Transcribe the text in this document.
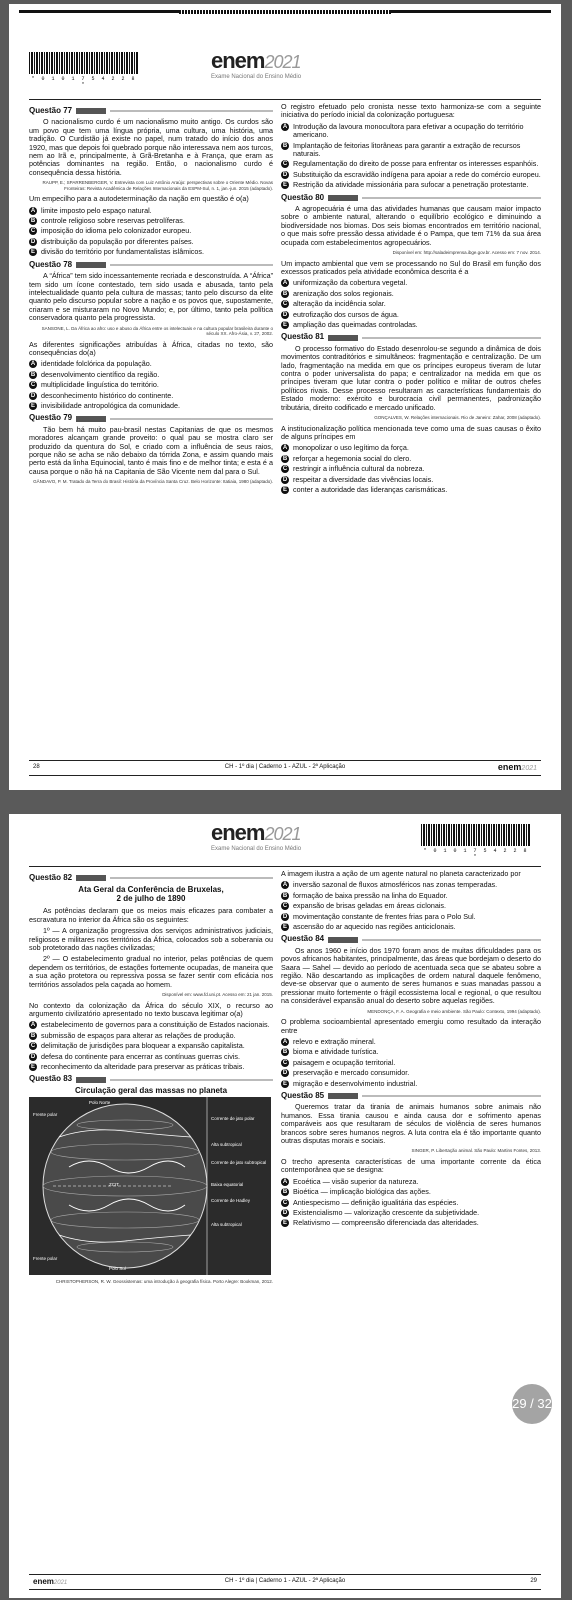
* 0 1 0 1 7 5 4 2 2 8 *
enem2021
Exame Nacional do Ensino Médio
Questão 77

O nacionalismo curdo é um nacionalismo muito antigo. Os curdos são um povo que tem uma língua própria, uma cultura, uma história, uma tradição. O Curdistão já existe no papel, num tratado do início dos anos 1920, mas que depois foi quebrado porque não interessava nem aos turcos, nem ao Irã e, principalmente, à Grã-Bretanha e à França, que eram as potências dominantes na região. Então, o nacionalismo curdo é consequência dessa história.

RAUPP, E.; SPARRENBERGER, V. Entrevista com Luiz Antônio Araújo: perspectivas sobre o Oriente Médio. Novas Fronteiras: Revista Acadêmica de Relações Internacionais da ESPM-Sul, n. 1, jan.-jun. 2015 (adaptado).

Um empecilho para a autodeterminação da nação em questão é o(a)

A limite imposto pelo espaço natural.
B controle religioso sobre reservas petrolíferas.
C imposição do idioma pelo colonizador europeu.
D distribuição da população por diferentes países.
E divisão do território por fundamentalistas islâmicos.
Questão 78

A “África” tem sido incessantemente recriada e desconstruída. A “África” tem sido um ícone contestado, tem sido usada e abusada, tanto pela intelectualidade quanto pela cultura de massas; tanto pelo discurso da elite quanto pelo discurso popular sobre a nação e os povos que, supostamente, criaram e se misturaram no Novo Mundo; e, por último, tanto pela política conservadora quanto pela progressista.

SANSONE, L. Da África ao afro: uso e abuso da África entre os intelectuais e na cultura popular brasileira durante o século XX. Afro-Ásia, v. 27, 2002.

As diferentes significações atribuídas à África, citadas no texto, são consequências do(a)

A identidade folclórica da população.
B desenvolvimento científico da região.
C multiplicidade linguística do território.
D desconhecimento histórico do continente.
E invisibilidade antropológica da comunidade.
Questão 79

Tão bem há muito pau-brasil nestas Capitanias de que os mesmos moradores alcançam grande proveito: o qual pau se mostra claro ser produzido da quentura do Sol, e criado com a influência de seus raios, porque não se acha se não debaixo da tórrida Zona, e assim quando mais perto está da linha Equinocial, tanto é mais fino e de melhor tinta; e esta é a causa porque o não há na Capitania de São Vicente nem dal para o Sul.

GÂNDAVO, P. M. Tratado da Terra do Brasil: História da Província Santa Cruz. Belo Horizonte: Itatiaia, 1980 (adaptado).

O registro efetuado pelo cronista nesse texto harmoniza-se com a seguinte iniciativa do período inicial da colonização portuguesa:

A Introdução da lavoura monocultora para efetivar a ocupação do território americano.
B Implantação de feitorias litorâneas para garantir a extração de recursos naturais.
C Regulamentação do direito de posse para enfrentar os interesses espanhóis.
D Substituição da escravidão indígena para apoiar a rede do comércio europeu.
E Restrição da atividade missionária para sufocar a penetração protestante.
Questão 80

A agropecuária é uma das atividades humanas que causam maior impacto sobre o ambiente natural, alterando o equilíbrio ecológico e diminuindo a biodiversidade nos biomas. Dos seis biomas encontrados em território nacional, o que mais sofre pressão dessa atividade é o Pampa, que tem 71% da sua área ocupada com estabelecimentos agropecuários.

Disponível em: http://saladeimprensa.ibge.gov.br. Acesso em: 7 nov. 2014.

Um impacto ambiental que vem se processando no Sul do Brasil em função dos excessos praticados pela atividade econômica descrita é a

A uniformização da cobertura vegetal.
B arenização dos solos regionais.
C alteração da incidência solar.
D eutrofização dos cursos de água.
E ampliação das queimadas controladas.
Questão 81

O processo formativo do Estado desenrolou-se segundo a dinâmica de dois movimentos contraditórios e simultâneos: fragmentação e centralização. De um lado, fragmentação na medida em que os príncipes europeus tiveram de lutar contra o poder universalista do papa; e centralizador na medida em que os príncipes tiveram que lutar contra o poder político e militar de outros chefes políticos rivais. Desse processo resultaram as características fundamentais do Estado moderno: exército e burocracia civil permanentes, padronização tributária, direito codificado e mercado unificado.

GONÇALVES, W. Relações internacionais. Rio de Janeiro: Zahar, 2008 (adaptado).

A institucionalização política mencionada teve como uma de suas causas o êxito de alguns príncipes em

A monopolizar o uso legítimo da força.
B reforçar a hegemonia social do clero.
C restringir a influência cultural da nobreza.
D respeitar a diversidade das vivências locais.
E conter a autoridade das lideranças carismáticas.
28	CH - 1º dia | Caderno 1 - AZUL - 2ª Aplicação	enem2021
enem2021
Exame Nacional do Ensino Médio	* 0 1 0 1 7 5 4 2 2 8 *
Questão 82
Ata Geral da Conferência de Bruxelas,
2 de julho de 1890

As potências declaram que os meios mais eficazes para combater a escravatura no interior da África são os seguintes:

1º — A organização progressiva dos serviços administrativos judiciais, religiosos e militares nos territórios da África, colocados sob a soberania ou sob protetorado das nações civilizadas;

2º — O estabelecimento gradual no interior, pelas potências de quem dependem os territórios, de estações fortemente ocupadas, de maneira que a sua ação protetora ou repressiva possa se fazer sentir com eficácia nos territórios assolados pela caçada ao homem.

Disponível em: www.fd.uni.pt. Acesso em: 21 jan. 2015.

No contexto da colonização da África do século XIX, o recurso ao argumento civilizatório apresentado no texto buscava legitimar o(a)

A estabelecimento de governos para a constituição de Estados nacionais.
B submissão de espaços para alterar as relações de produção.
C delimitação de jurisdições para bloquear a expansão capitalista.
D defesa do continente para encerrar as contínuas guerras civis.
E reconhecimento da alteridade para preservar as práticas tribais.
Questão 83
Circulação geral das massas no planeta
Polo Norte
Frente polar
Corrente de jato polar
Alta subtropical
Corrente de jato subtropical
Baixa equatorial
ZCIT
Corrente de Hadley
Alta subtropical
Frente polar
Polo Sul
CHRISTOPHERSON, R. W. Geossistemas: uma introdução à geografia física. Porto Alegre: Bookman, 2012.

A imagem ilustra a ação de um agente natural no planeta caracterizado por

A inversão sazonal de fluxos atmosféricos nas zonas temperadas.
B formação de baixa pressão na linha do Equador.
C expansão de brisas geladas em áreas ciclonais.
D movimentação constante de frentes frias para o Polo Sul.
E ascensão do ar aquecido nas regiões anticiclonais.
Questão 84

Os anos 1960 e início dos 1970 foram anos de muitas dificuldades para os povos africanos habitantes, principalmente, das áreas que bordejam o deserto do Saara — Sahel — devido ao período de acentuada seca que se abateu sobre a região. Não descartando as implicações de ordem natural daquele fenômeno, deve-se observar que o aumento de seres humanos e suas manadas passou a pressionar muito fortemente o frágil ecossistema local e regional, o que resultou na considerável expansão anual do deserto sobre aquelas regiões.

MENDONÇA, F. A. Geografia e meio ambiente. São Paulo: Contexto, 1994 (adaptado).

O problema socioambiental apresentado emergiu como resultado da interação entre

A relevo e extração mineral.
B bioma e atividade turística.
C paisagem e ocupação territorial.
D preservação e mercado consumidor.
E migração e desenvolvimento industrial.
Questão 85

Queremos tratar da tirania de animais humanos sobre animais não humanos. Essa tirania causou e ainda causa dor e sofrimento apenas comparáveis aos que resultaram de séculos de violência de seres humanos brancos sobre seres humanos negros. A luta contra ela é tão importante quanto outras disputas morais e sociais.

SINGER, P. Libertação animal. São Paulo: Martins Fontes, 2013.

O trecho apresenta características de uma importante corrente da ética contemporânea que se designa:

A Ecoética — visão superior da natureza.
B Bioética — implicação biológica das ações.
C Antiespecismo — definição igualitária das espécies.
D Existencialismo — valorização crescente da subjetividade.
E Relativismo — compreensão diferenciada das alteridades.
enem2021	CH - 1º dia | Caderno 1 - AZUL - 2ª Aplicação	29
29 / 32
